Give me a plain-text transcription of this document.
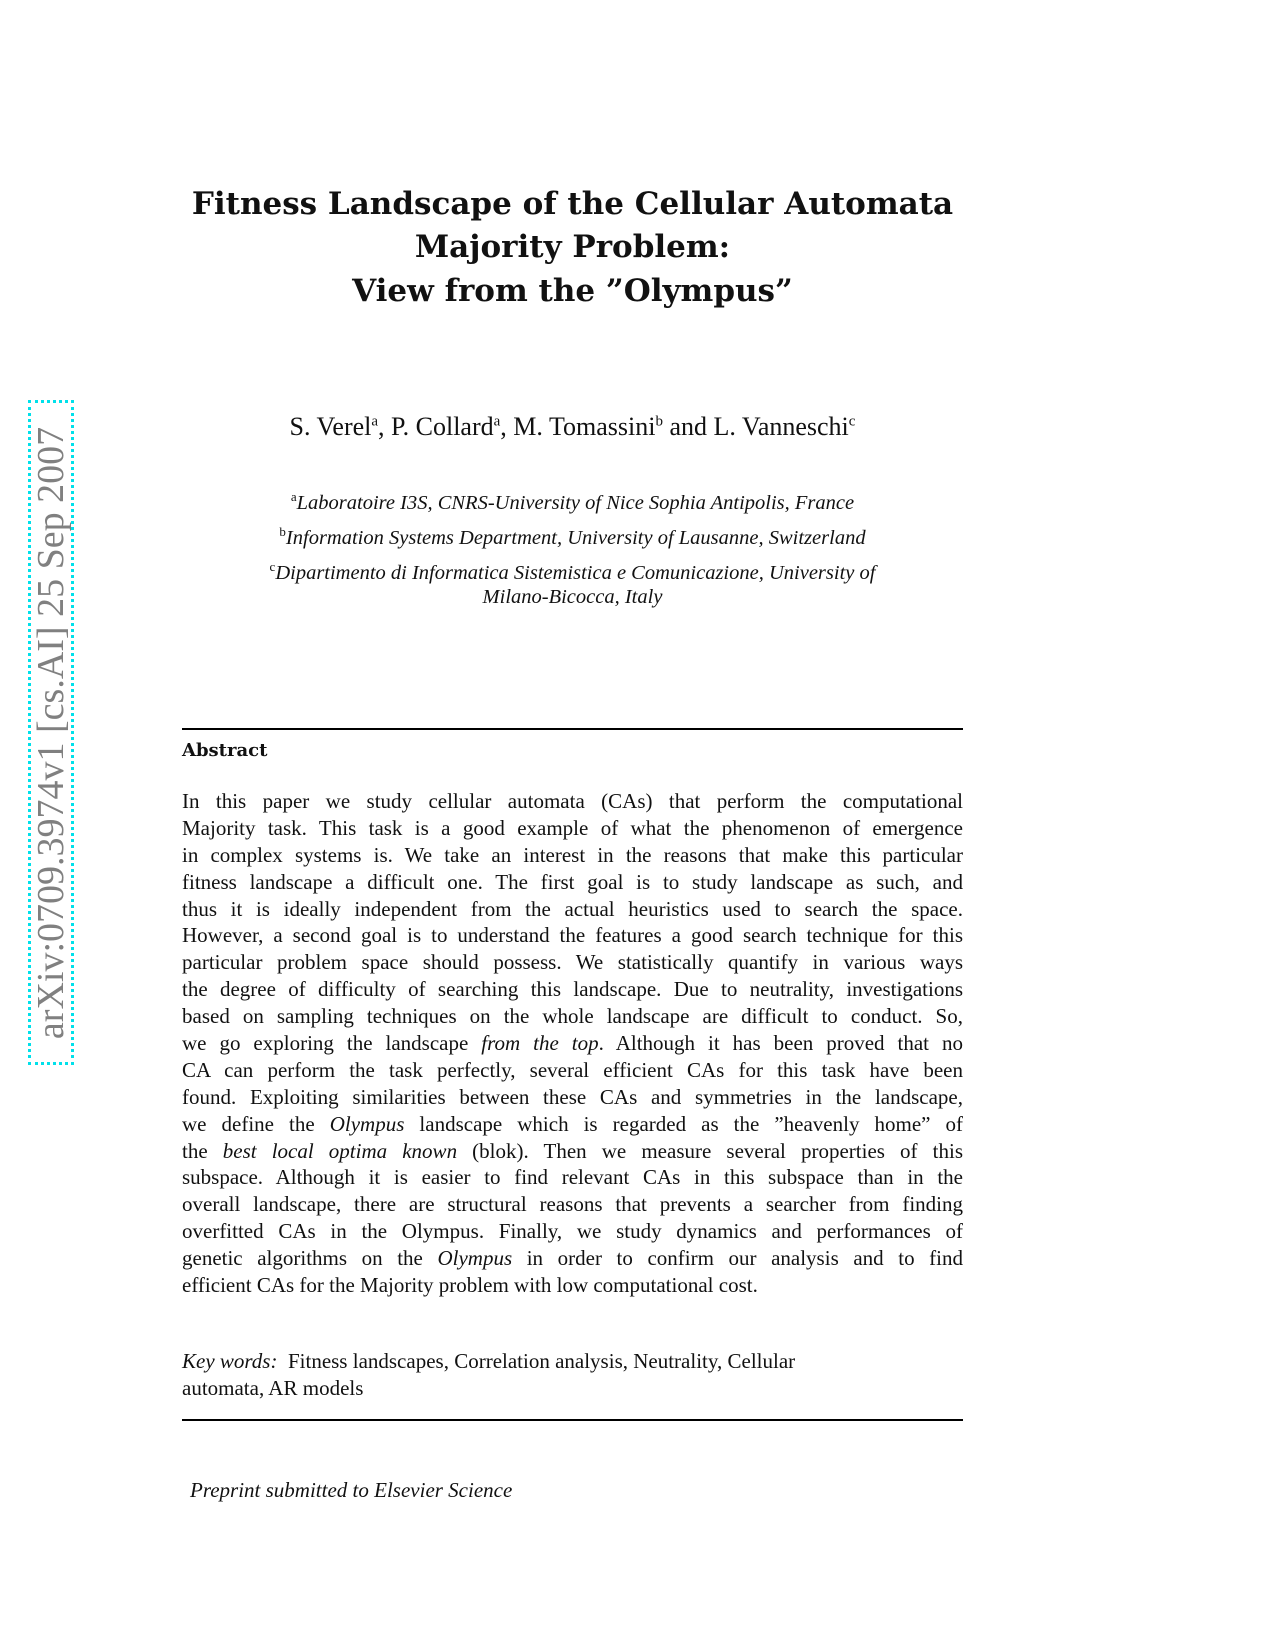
arXiv:0709.3974v1 [cs.AI] 25 Sep 2007
Fitness Landscape of the Cellular Automata
Majority Problem:
View from the ”Olympus”
S. Verel$^a$, P. Collard$^a$, M. Tomassini$^b$ and L. Vanneschi$^c$
$^a$Laboratoire I3S, CNRS-University of Nice Sophia Antipolis, France
$^b$Information Systems Department, University of Lausanne, Switzerland
$^c$Dipartimento di Informatica Sistemistica e Comunicazione, University of
Milano-Bicocca, Italy
Abstract
In this paper we study cellular automata (CAs) that perform the computational
Majority task. This task is a good example of what the phenomenon of emergence
in complex systems is. We take an interest in the reasons that make this particular
fitness landscape a difficult one. The first goal is to study landscape as such, and
thus it is ideally independent from the actual heuristics used to search the space.
However, a second goal is to understand the features a good search technique for this
particular problem space should possess. We statistically quantify in various ways
the degree of difficulty of searching this landscape. Due to neutrality, investigations
based on sampling techniques on the whole landscape are difficult to conduct. So,
we go exploring the landscape from the top. Although it has been proved that no
CA can perform the task perfectly, several efficient CAs for this task have been
found. Exploiting similarities between these CAs and symmetries in the landscape,
we define the Olympus landscape which is regarded as the ”heavenly home” of
the best local optima known (blok). Then we measure several properties of this
subspace. Although it is easier to find relevant CAs in this subspace than in the
overall landscape, there are structural reasons that prevents a searcher from finding
overfitted CAs in the Olympus. Finally, we study dynamics and performances of
genetic algorithms on the Olympus in order to confirm our analysis and to find
efficient CAs for the Majority problem with low computational cost.
Key words: Fitness landscapes, Correlation analysis, Neutrality, Cellular
automata, AR models
Preprint submitted to Elsevier Science
